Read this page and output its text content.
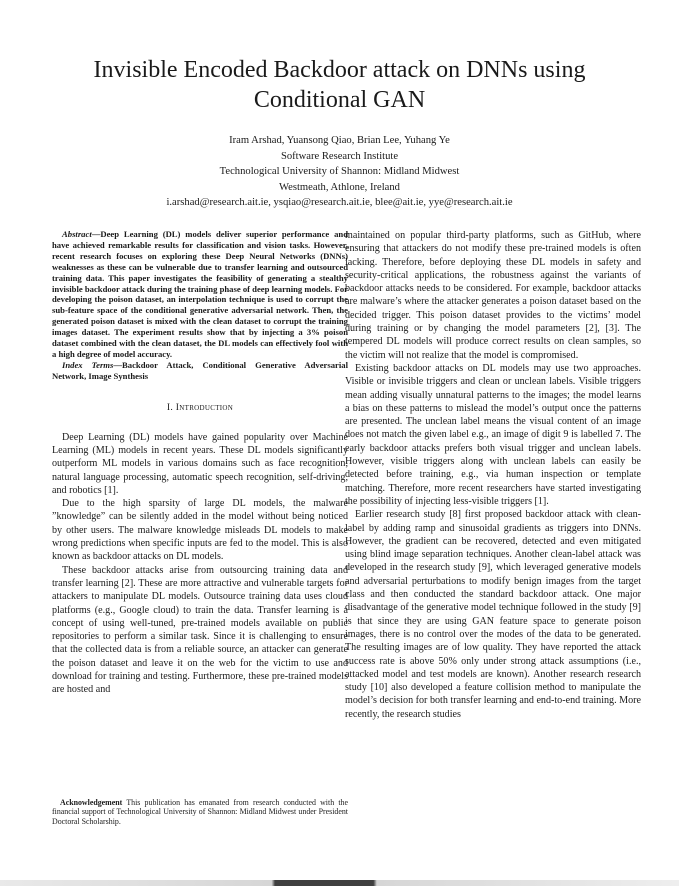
Invisible Encoded Backdoor attack on DNNs using
Conditional GAN
Iram Arshad, Yuansong Qiao, Brian Lee, Yuhang Ye
Software Research Institute
Technological University of Shannon: Midland Midwest
Westmeath, Athlone, Ireland
i.arshad@research.ait.ie, ysqiao@research.ait.ie, blee@ait.ie, yye@research.ait.ie

Abstract—Deep Learning (DL) models deliver superior performance and have achieved remarkable results for classification and vision tasks. However, recent research focuses on exploring these Deep Neural Networks (DNNs) weaknesses as these can be vulnerable due to transfer learning and outsourced training data. This paper investigates the feasibility of generating a stealthy invisible backdoor attack during the training phase of deep learning models. For developing the poison dataset, an interpolation technique is used to corrupt the sub-feature space of the conditional generative adversarial network. Then, the generated poison dataset is mixed with the clean dataset to corrupt the training images dataset. The experiment results show that by injecting a 3% poison dataset combined with the clean dataset, the DL models can effectively fool with a high degree of model accuracy.

Index Terms—Backdoor Attack, Conditional Generative Adversarial Network, Image Synthesis

I. Introduction

Deep Learning (DL) models have gained popularity over Machine Learning (ML) models in recent years. These DL models significantly outperform ML models in various domains such as face recognition, natural language processing, automatic speech recognition, self-driving, and robotics [1].

Due to the high sparsity of large DL models, the malware ”knowledge” can be silently added in the model without being noticed by other users. The malware knowledge misleads DL models to make wrong predictions when specific inputs are fed to the model. This is also known as backdoor attacks on DL models.

These backdoor attacks arise from outsourcing training data and transfer learning [2]. These are more attractive and vulnerable targets for attackers to manipulate DL models. Outsource training data uses cloud platforms (e.g., Google cloud) to train the data. Transfer learning is a concept of using well-tuned, pre-trained models available on public repositories to perform a similar task. Since it is challenging to ensure that the collected data is from a reliable source, an attacker can generate the poison dataset and leave it on the web for the victim to use and download for training and testing. Furthermore, these pre-trained models are hosted and

Acknowledgement This publication has emanated from research conducted with the financial support of Technological University of Shannon: Midland Midwest under President Doctoral Scholarship.

maintained on popular third-party platforms, such as GitHub, where ensuring that attackers do not modify these pre-trained models is often lacking. Therefore, before deploying these DL models in safety and security-critical applications, the robustness against the variants of backdoor attacks needs to be considered. For example, backdoor attacks are malware’s where the attacker generates a poison dataset based on the decided trigger. This poison dataset provides to the victims’ model during training or by changing the model parameters [2], [3]. The tempered DL models will produce correct results on clean samples, so the victim will not realize that the model is compromised.

Existing backdoor attacks on DL models may use two approaches. Visible or invisible triggers and clean or unclean labels. Visible triggers mean adding visually unnatural patterns to the images; the model learns a bias on these patterns to mislead the model’s output once the patterns are presented. The unclean label means the visual content of an image does not match the given label e.g., an image of digit 9 is labelled 7. The early backdoor attacks prefers both visual trigger and unclean labels. However, visible triggers along with unclean labels can easily be detected before training, e.g., via human inspection or template matching. Therefore, more recent researchers have started investigating the possibility of injecting less-visible triggers [1].

Earlier research study [8] first proposed backdoor attack with clean-label by adding ramp and sinusoidal gradients as triggers into DNNs. However, the gradient can be recovered, detected and even mitigated using blind image separation techniques. Another clean-label attack was developed in the research study [9], which leveraged generative models and adversarial perturbations to modify benign images from the target class and then conducted the standard backdoor attack. One major disadvantage of the generative model technique followed in the study [9] is that since they are using GAN feature space to generate poison images, there is no control over the modes of the data to be generated. The resulting images are of low quality. They have reported the attack success rate is above 50% only under strong attack assumptions (i.e., attacked model and test models are known). Another research research study [10] also developed a feature collision method to manipulate the model’s decision for both transfer learning and end-to-end training. More recently, the research studies
